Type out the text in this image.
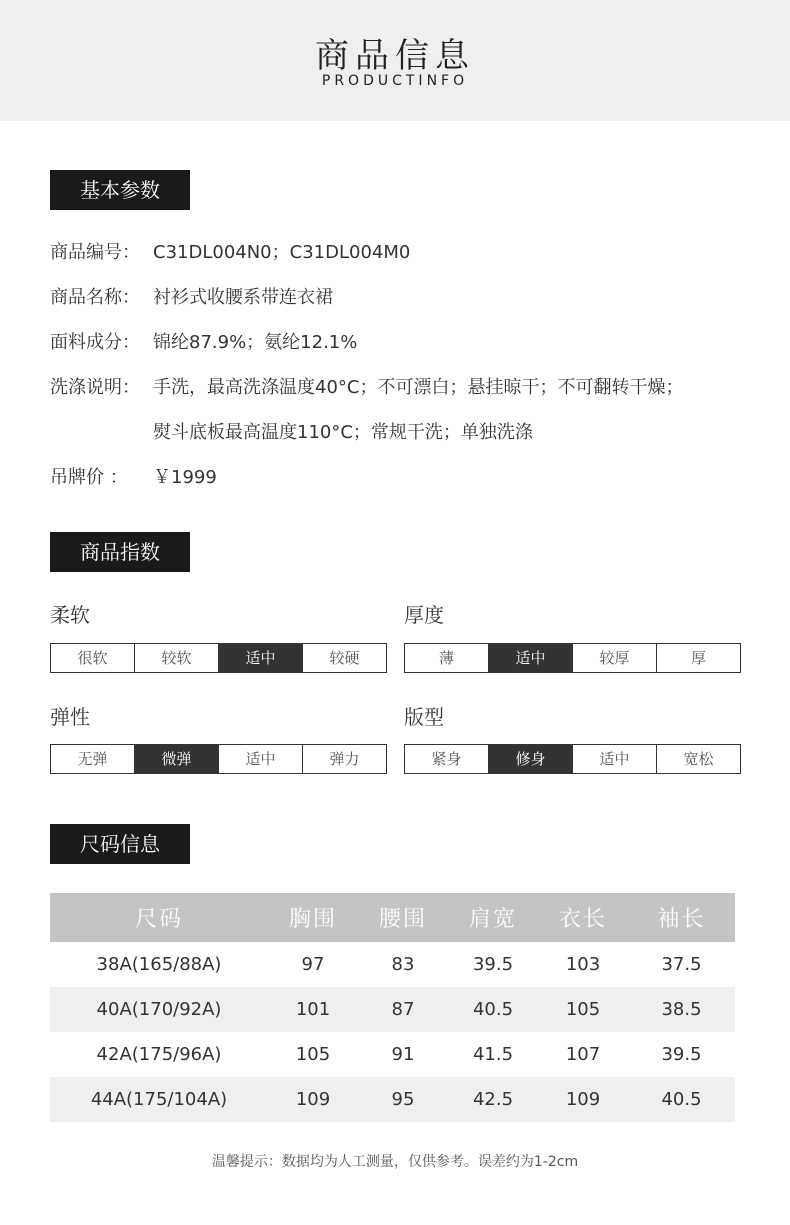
商品信息
PRODUCTINFO
基本参数
商品编号： C31DL004N0；C31DL004M0
商品名称： 衬衫式收腰系带连衣裙
面料成分： 锦纶87.9%；氨纶12.1%
洗涤说明： 手洗，最高洗涤温度40°C；不可漂白；悬挂晾干；不可翻转干燥；
熨斗底板最高温度110°C；常规干洗；单独洗涤
吊牌价 ： ￥1999
商品指数
柔软
很软	较软	适中	较硬
厚度
薄	适中	较厚	厚
弹性
无弹	微弹	适中	弹力
版型
紧身	修身	适中	宽松
尺码信息
尺码	胸围	腰围	肩宽	衣长	袖长
38A(165/88A)	97	83	39.5	103	37.5
40A(170/92A)	101	87	40.5	105	38.5
42A(175/96A)	105	91	41.5	107	39.5
44A(175/104A)	109	95	42.5	109	40.5
温馨提示：数据均为人工测量，仅供参考。误差约为1-2cm
